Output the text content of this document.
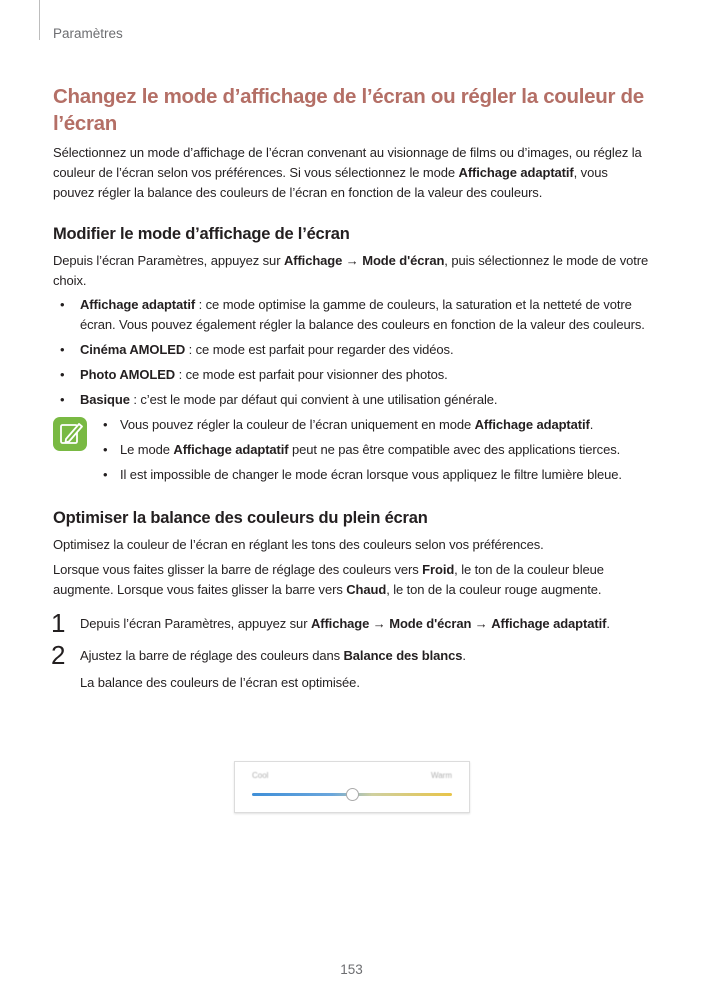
Paramètres
Changez le mode d’affichage de l’écran ou régler la couleur de l’écran

Sélectionnez un mode d’affichage de l’écran convenant au visionnage de films ou d’images, ou réglez la couleur de l’écran selon vos préférences. Si vous sélectionnez le mode Affichage adaptatif, vous pouvez régler la balance des couleurs de l’écran en fonction de la valeur des couleurs.

Modifier le mode d’affichage de l’écran

Depuis l’écran Paramètres, appuyez sur Affichage → Mode d'écran, puis sélectionnez le mode de votre choix.

• Affichage adaptatif : ce mode optimise la gamme de couleurs, la saturation et la netteté de votre écran. Vous pouvez également régler la balance des couleurs en fonction de la valeur des couleurs.
• Cinéma AMOLED : ce mode est parfait pour regarder des vidéos.
• Photo AMOLED : ce mode est parfait pour visionner des photos.
• Basique : c’est le mode par défaut qui convient à une utilisation générale.
• Vous pouvez régler la couleur de l’écran uniquement en mode Affichage adaptatif.
• Le mode Affichage adaptatif peut ne pas être compatible avec des applications tierces.
• Il est impossible de changer le mode écran lorsque vous appliquez le filtre lumière bleue.
Optimiser la balance des couleurs du plein écran

Optimisez la couleur de l’écran en réglant les tons des couleurs selon vos préférences.

Lorsque vous faites glisser la barre de réglage des couleurs vers Froid, le ton de la couleur bleue augmente. Lorsque vous faites glisser la barre vers Chaud, le ton de la couleur rouge augmente.

1 Depuis l’écran Paramètres, appuyez sur Affichage → Mode d'écran → Affichage adaptatif.

2 Ajustez la barre de réglage des couleurs dans Balance des blancs.

La balance des couleurs de l’écran est optimisée.

Cool	Warm
153
